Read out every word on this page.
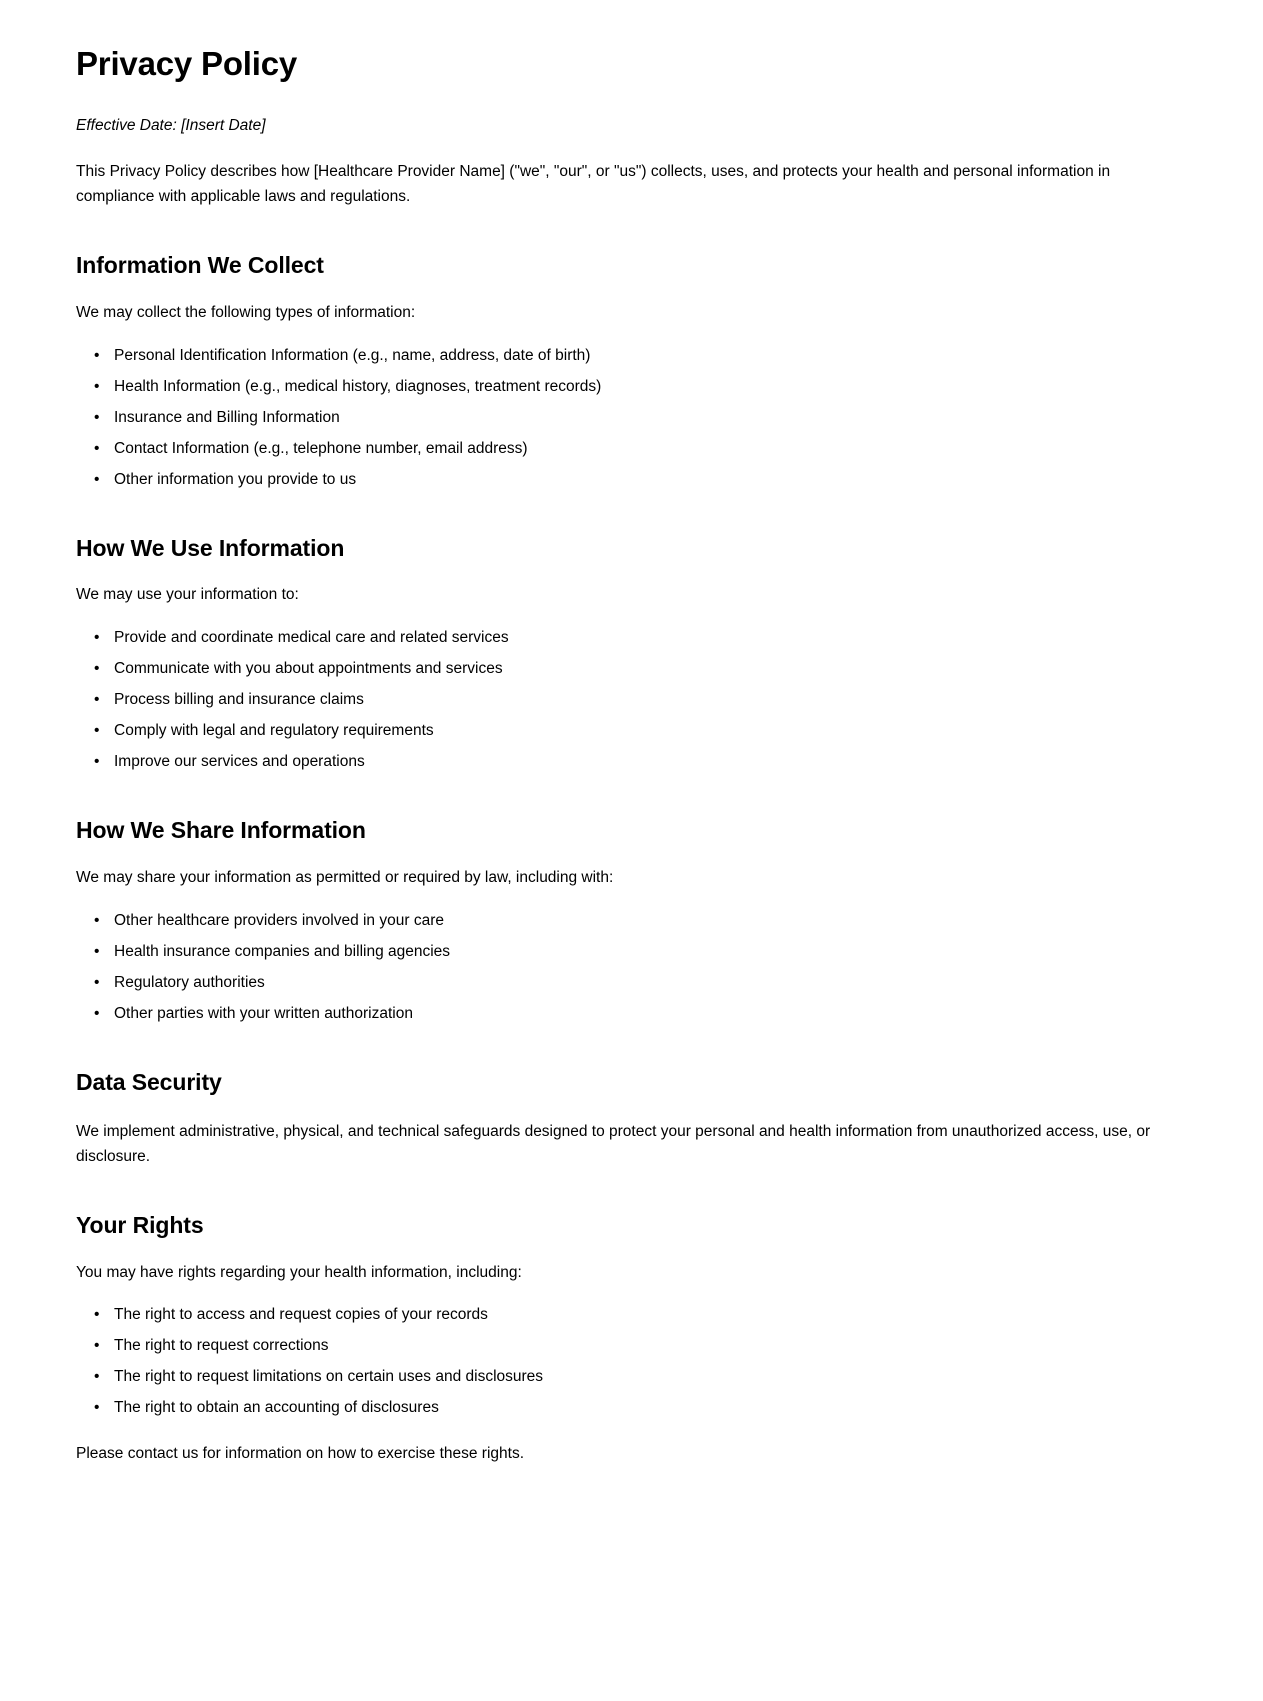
Privacy Policy

Effective Date: [Insert Date]

This Privacy Policy describes how [Healthcare Provider Name] ("we", "our", or "us") collects, uses, and protects your health and personal information in compliance with applicable laws and regulations.

Information We Collect

We may collect the following types of information:

• Personal Identification Information (e.g., name, address, date of birth)
• Health Information (e.g., medical history, diagnoses, treatment records)
• Insurance and Billing Information
• Contact Information (e.g., telephone number, email address)
• Other information you provide to us
How We Use Information

We may use your information to:

• Provide and coordinate medical care and related services
• Communicate with you about appointments and services
• Process billing and insurance claims
• Comply with legal and regulatory requirements
• Improve our services and operations
How We Share Information

We may share your information as permitted or required by law, including with:

• Other healthcare providers involved in your care
• Health insurance companies and billing agencies
• Regulatory authorities
• Other parties with your written authorization
Data Security

We implement administrative, physical, and technical safeguards designed to protect your personal and health information from unauthorized access, use, or disclosure.

Your Rights

You may have rights regarding your health information, including:

• The right to access and request copies of your records
• The right to request corrections
• The right to request limitations on certain uses and disclosures
• The right to obtain an accounting of disclosures

Please contact us for information on how to exercise these rights.
